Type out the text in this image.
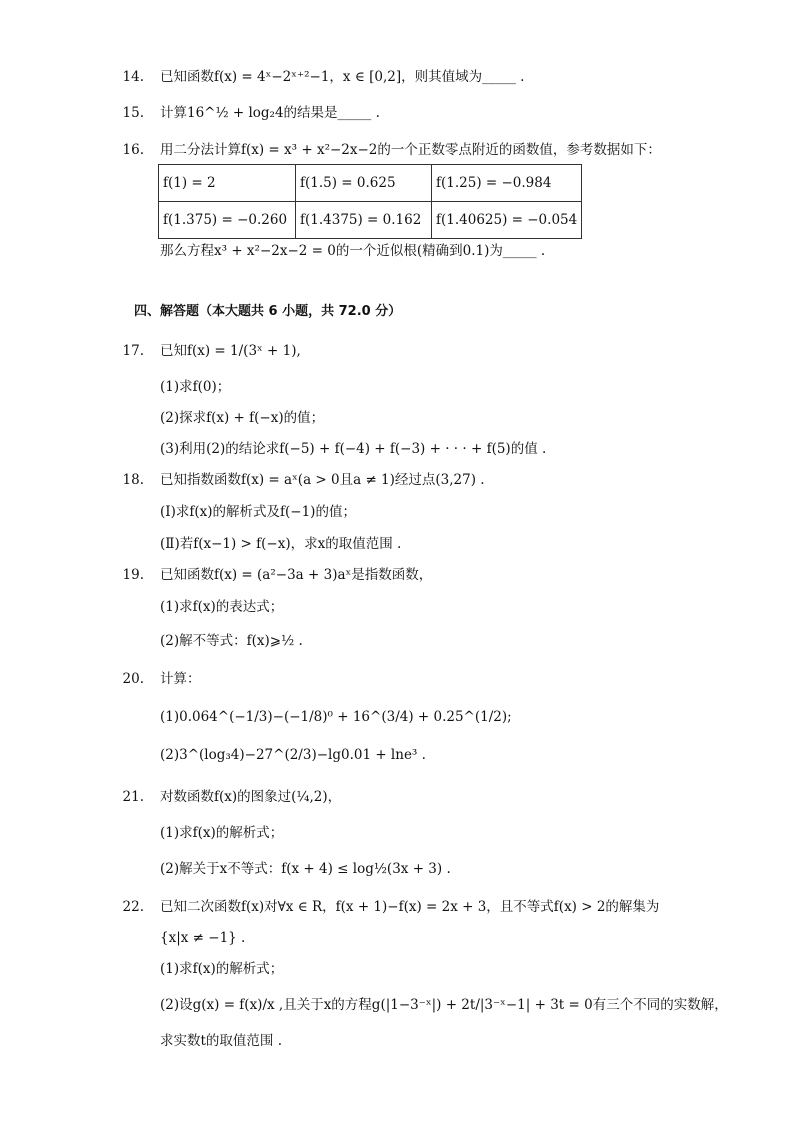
14. 已知函数f(x) = 4ˣ−2ˣ⁺²−1，x ∈ [0,2]，则其值域为_____ .
15. 计算16^½ + log₂4的结果是_____ .
16. 用二分法计算f(x) = x³ + x²−2x−2的一个正数零点附近的函数值，参考数据如下：
f(1) = 2	f(1.5) = 0.625	f(1.25) = −0.984
f(1.375) = −0.260	f(1.4375) = 0.162	f(1.40625) = −0.054
那么方程x³ + x²−2x−2 = 0的一个近似根(精确到0.1)为_____ .
四、解答题（本大题共 6 小题，共 72.0 分）
17. 已知f(x) = 1/(3ˣ + 1),
(1)求f(0)；
(2)探求f(x) + f(−x)的值；
(3)利用(2)的结论求f(−5) + f(−4) + f(−3) + · · · + f(5)的值 .
18. 已知指数函数f(x) = aˣ(a > 0且a ≠ 1)经过点(3,27) .
(Ⅰ)求f(x)的解析式及f(−1)的值；
(Ⅱ)若f(x−1) > f(−x)，求x的取值范围 .
19. 已知函数f(x) = (a²−3a + 3)aˣ是指数函数，
(1)求f(x)的表达式；
(2)解不等式：f(x)⩾½ .
20. 计算：
(1)0.064^(−1/3)−(−1/8)⁰ + 16^(3/4) + 0.25^(1/2);
(2)3^(log₃4)−27^(2/3)−lg0.01 + lne³ .
21. 对数函数f(x)的图象过(¼,2)，
(1)求f(x)的解析式；
(2)解关于x不等式：f(x + 4) ≤ log½(3x + 3) .
22. 已知二次函数f(x)对∀x ∈ R，f(x + 1)−f(x) = 2x + 3，且不等式f(x) > 2的解集为
{x|x ≠ −1} .
(1)求f(x)的解析式；
(2)设g(x) = f(x)/x ,且关于x的方程g(|1−3⁻ˣ|) + 2t/|3⁻ˣ−1| + 3t = 0有三个不同的实数解，
求实数t的取值范围 .
